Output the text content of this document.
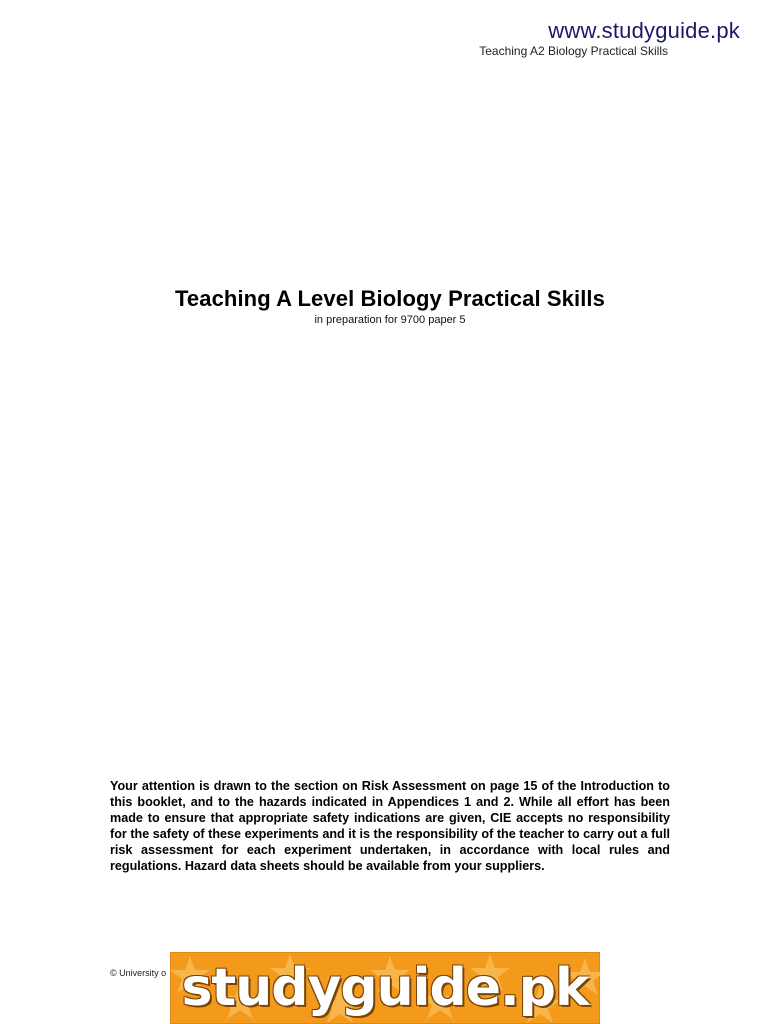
www.studyguide.pk
Teaching A2 Biology Practical Skills
Teaching A Level Biology Practical Skills
in preparation for 9700 paper 5

Your attention is drawn to the section on Risk Assessment on page 15 of the Introduction to this booklet, and to the hazards indicated in Appendices 1 and 2. While all effort has been made to ensure that appropriate safety indications are given, CIE accepts no responsibility for the safety of these experiments and it is the responsibility of the teacher to carry out a full risk assessment for each experiment undertaken, in accordance with local rules and regulations. Hazard data sheets should be available from your suppliers.

© University o studyguide.pk
